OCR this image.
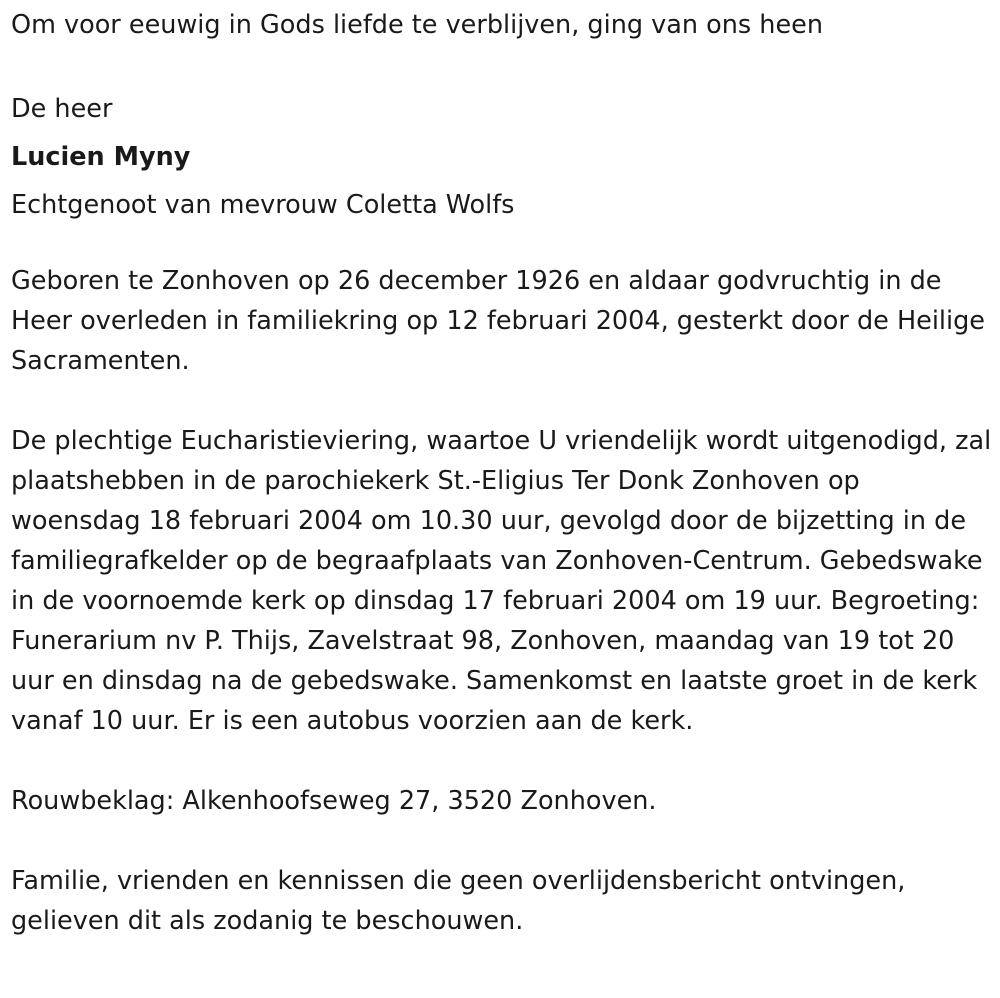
Om voor eeuwig in Gods liefde te verblijven, ging van ons heen

De heer

Lucien Myny

Echtgenoot van mevrouw Coletta Wolfs

Geboren te Zonhoven op 26 december 1926 en aldaar godvruchtig in de Heer overleden in familiekring op 12 februari 2004, gesterkt door de Heilige Sacramenten.

De plechtige Eucharistieviering, waartoe U vriendelijk wordt uitgenodigd, zal plaatshebben in de parochiekerk St.-Eligius Ter Donk Zonhoven op woensdag 18 februari 2004 om 10.30 uur, gevolgd door de bijzetting in de familiegrafkelder op de begraafplaats van Zonhoven-Centrum. Gebedswake in de voornoemde kerk op dinsdag 17 februari 2004 om 19 uur. Begroeting: Funerarium nv P. Thijs, Zavelstraat 98, Zonhoven, maandag van 19 tot 20 uur en dinsdag na de gebedswake. Samenkomst en laatste groet in de kerk vanaf 10 uur. Er is een autobus voorzien aan de kerk.

Rouwbeklag: Alkenhoofseweg 27, 3520 Zonhoven.

Familie, vrienden en kennissen die geen overlijdensbericht ontvingen, gelieven dit als zodanig te beschouwen.
